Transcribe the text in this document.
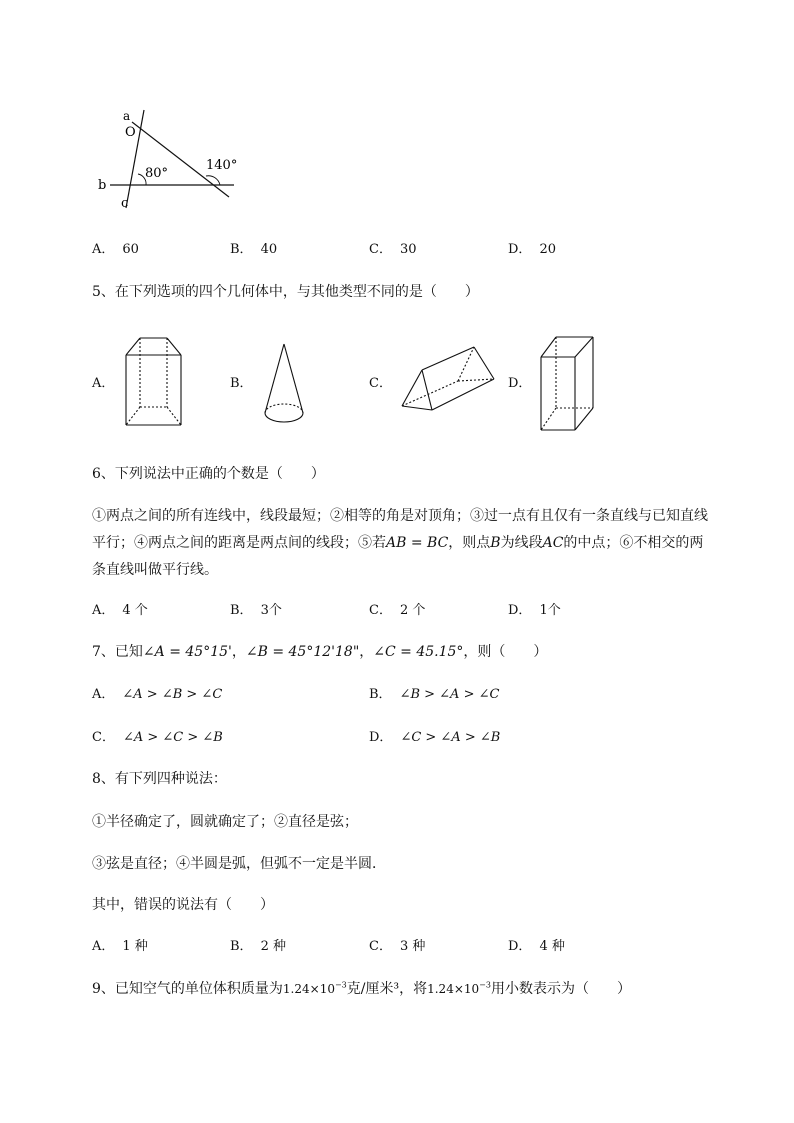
a
O
b
c
80°
140°
A． 60	B． 40	C． 30	D． 20
5、在下列选项的四个几何体中，与其他类型不同的是（　　）
A．	B．	C．	D．
6、下列说法中正确的个数是（　　）
①两点之间的所有连线中，线段最短；②相等的角是对顶角；③过一点有且仅有一条直线与已知直线
平行；④两点之间的距离是两点间的线段；⑤若AB = BC，则点B为线段AC的中点；⑥不相交的两
条直线叫做平行线。
A． 4 个	B． 3个	C． 2 个	D． 1个
7、已知∠A = 45°15'，∠B = 45°12'18"，∠C = 45.15°，则（　　）
A． ∠A > ∠B > ∠C	B． ∠B > ∠A > ∠C
C． ∠A > ∠C > ∠B	D． ∠C > ∠A > ∠B
8、有下列四种说法：
①半径确定了，圆就确定了；②直径是弦；
③弦是直径；④半圆是弧，但弧不一定是半圆．
其中，错误的说法有（　　）
A． 1 种	B． 2 种	C． 3 种	D． 4 种
9、已知空气的单位体积质量为$1.24\times 10^{-3}$克/厘米³，将$1.24\times 10^{-3}$用小数表示为（　　）
